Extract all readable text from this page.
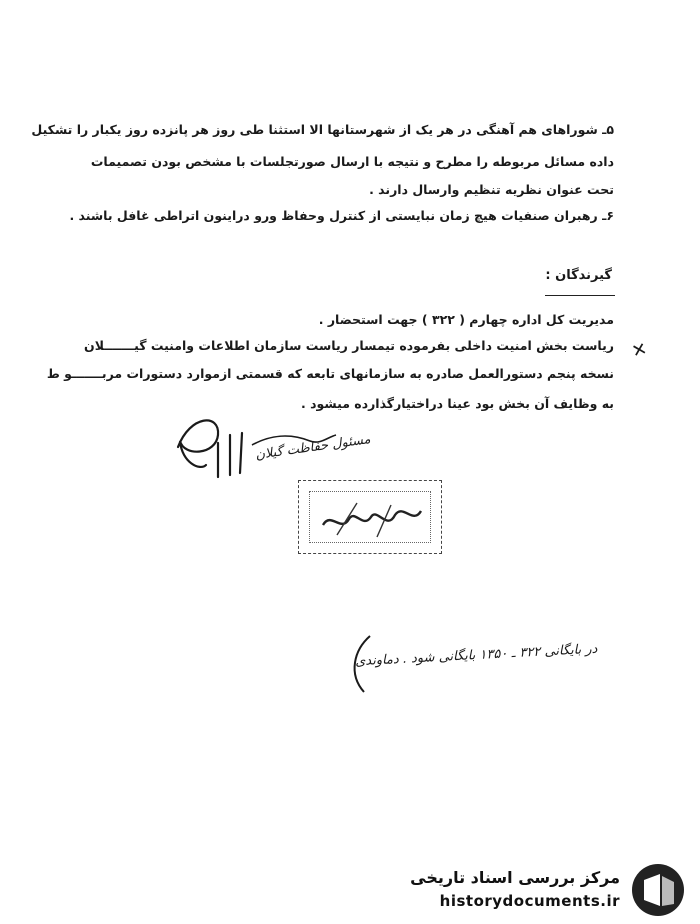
۵ـ شوراهای هم آهنگی در هر یک از شهرستانها الا استثنا طی روز هر پانزده روز یکبار را تشکیل
داده مسائل مربوطه را مطرح و نتیجه با ارسال صورتجلسات با مشخص بودن تصمیمات
تحت عنوان نظریه تنظیم وارسال دارند .
۶ـ رهبران صنفیات هیچ زمان نبایستی از کنترل وحفاظ ورو دراینون اتراطی غافل باشند .
گیرندگان :
مدیریت کل اداره چهارم ( ۳۲۲ ) جهت استحضار .
✕
ریاست بخش امنیت داخلی بفرموده تیمسار ریاست سازمان اطلاعات وامنیت گیـــــــلان
نسخه پنجم دستورالعمل صادره به سازمانهای تابعه که قسمتی ازموارد دستورات مربـــــــو ط
به وظایف آن بخش بود عینا دراختیارگذارده میشود .
مسئول حفاظت گیلان
در بایگانی ۳۲۲ ـ ۱۳۵۰ بایگانی شود . دماوندی
مرکز بررسی اسناد تاریخی
historydocuments.ir
